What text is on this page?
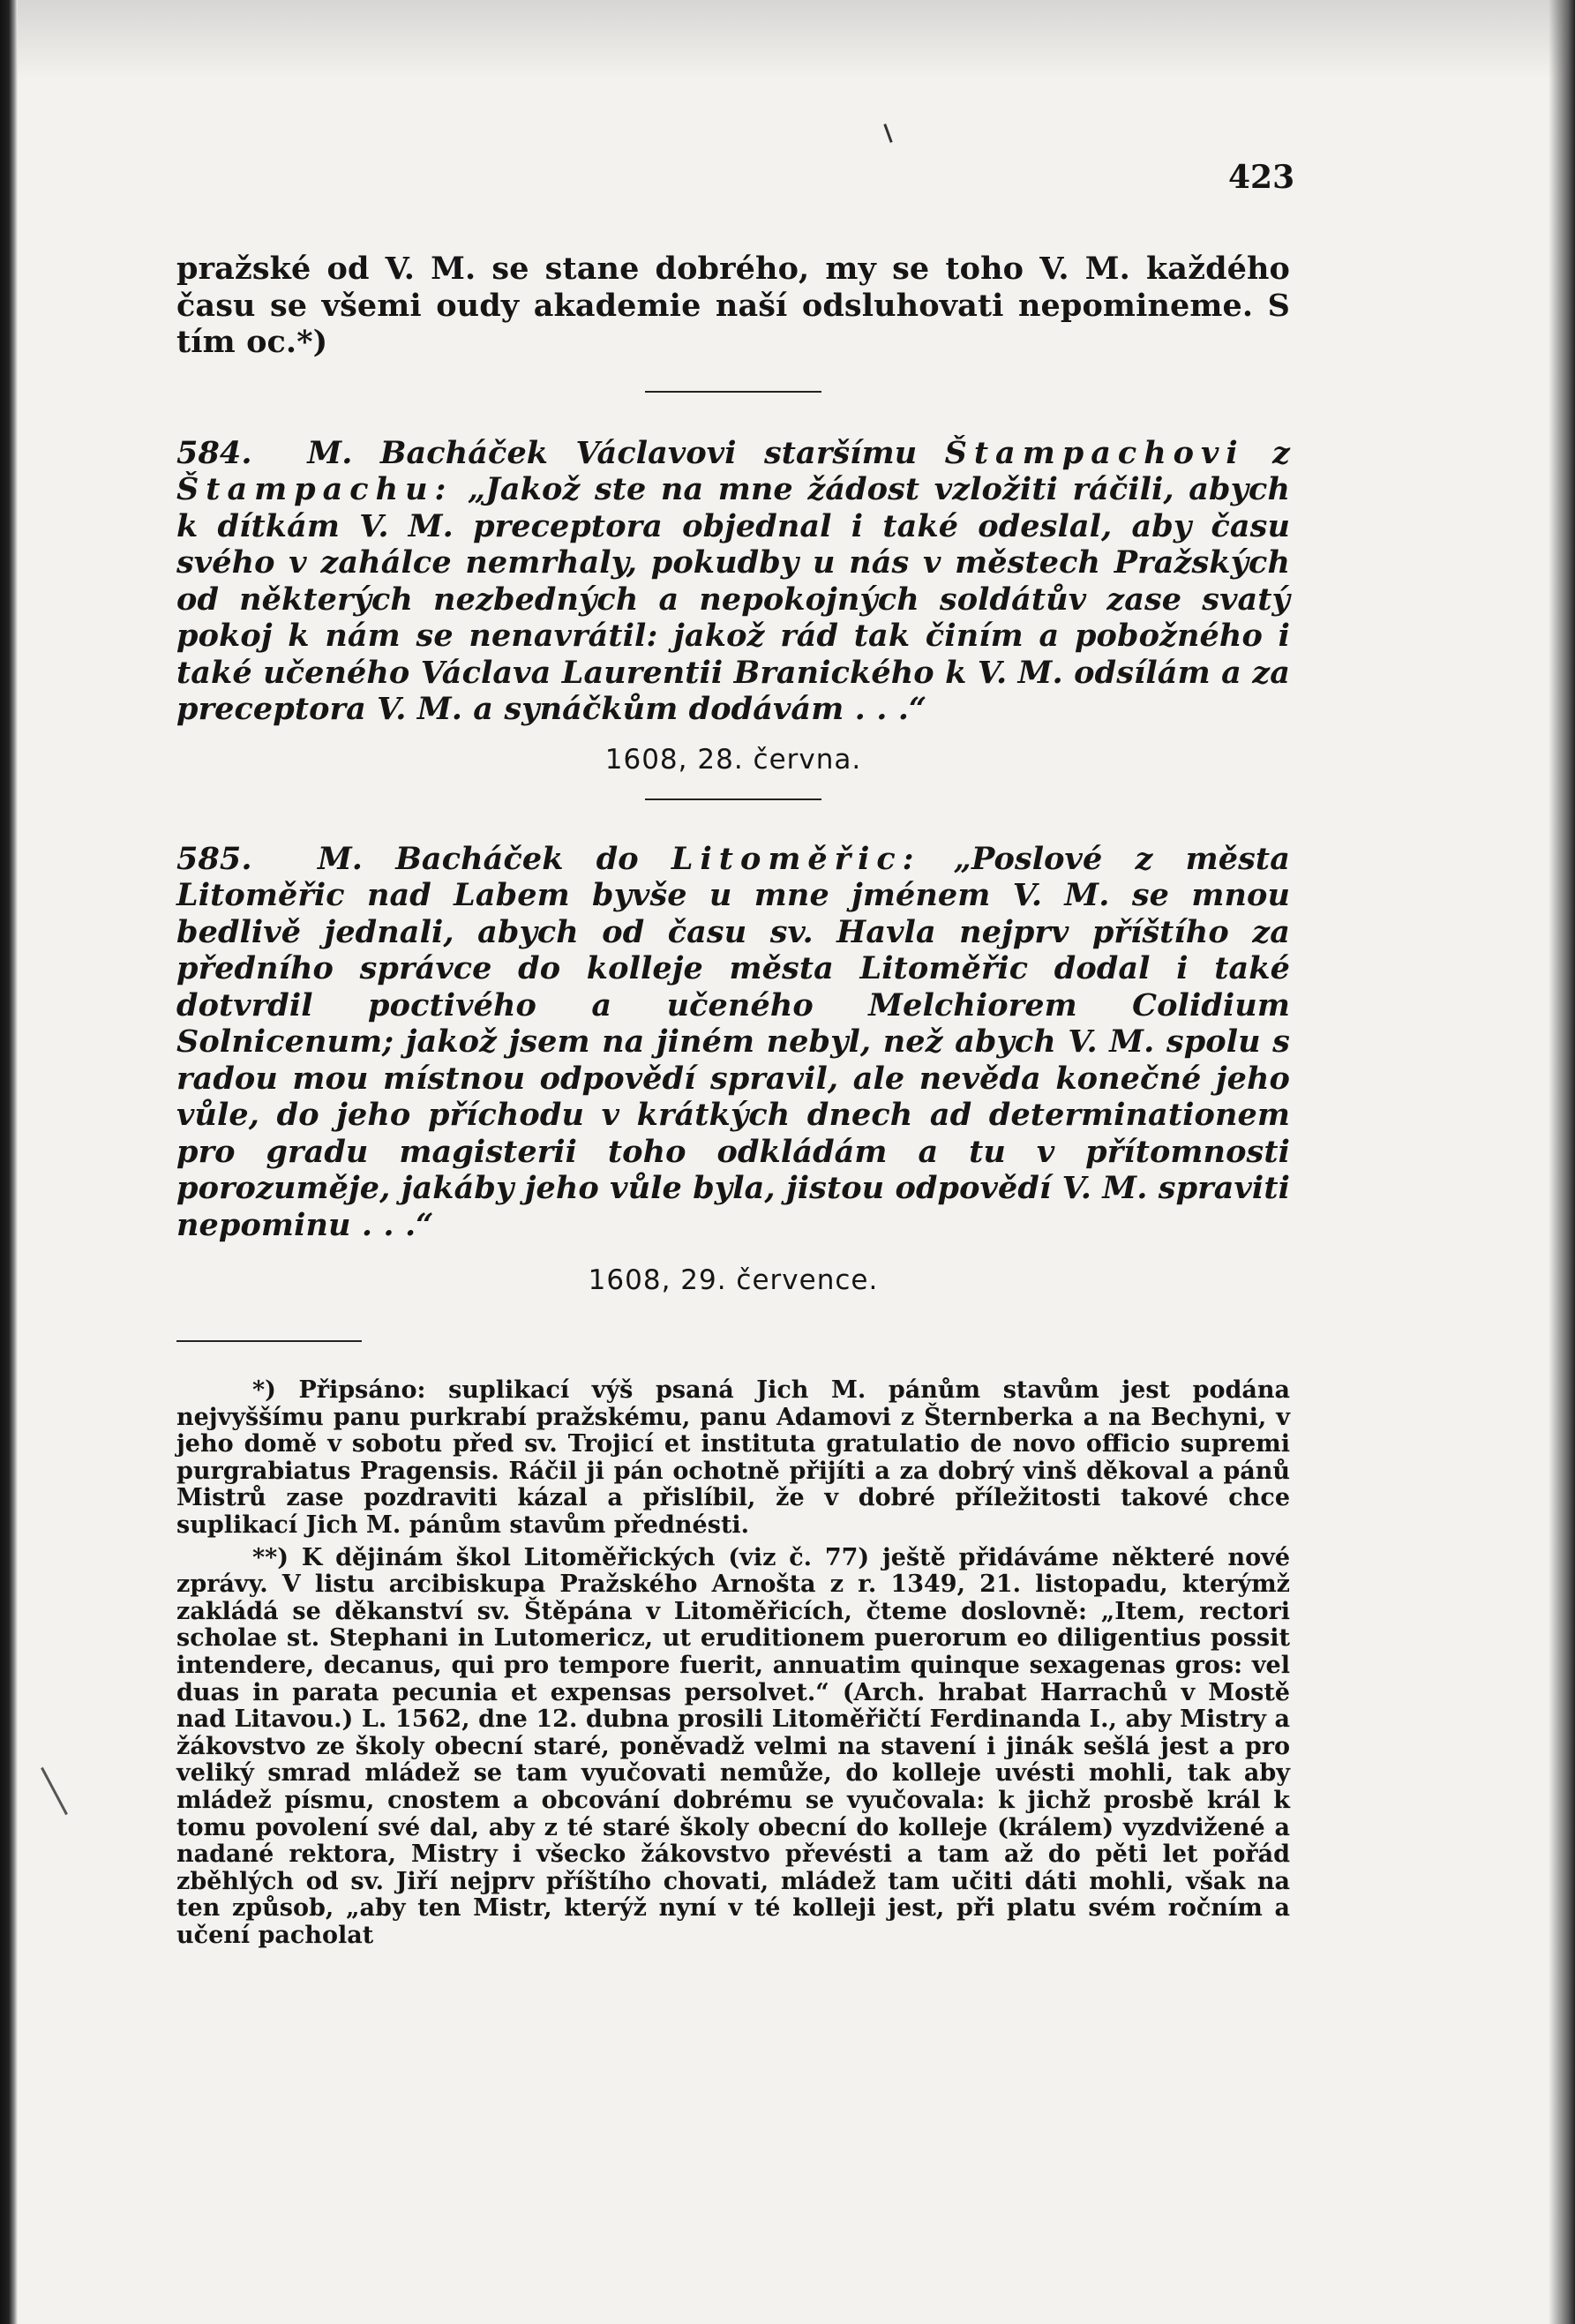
423

pražské od V. M. se stane dobrého, my se toho V. M. každého času se všemi oudy akademie naší odsluhovati nepomineme. S tím oc.*)

584. M. Bacháček Václavovi staršímu Štampachovi z Štampachu: „Jakož ste na mne žádost vzložiti ráčili, abych k dítkám V. M. preceptora objednal i také odeslal, aby času svého v zahálce nemrhaly, pokudby u nás v městech Pražských od některých nezbedných a nepokojných soldátův zase svatý pokoj k nám se nenavrátil: jakož rád tak činím a pobožného i také učeného Václava Laurentii Branického k V. M. odsílám a za preceptora V. M. a synáčkům dodávám . . .“

1608, 28. června.

585. M. Bacháček do Litoměřic: „Poslové z města Litoměřic nad Labem byvše u mne jménem V. M. se mnou bedlivě jednali, abych od času sv. Havla nejprv příštího za předního správce do kolleje města Litoměřic dodal i také dotvrdil poctivého a učeného Melchiorem Colidium Solnicenum; jakož jsem na jiném nebyl, než abych V. M. spolu s radou mou místnou odpovědí spravil, ale nevěda konečné jeho vůle, do jeho příchodu v krátkých dnech ad determinationem pro gradu magisterii toho odkládám a tu v přítomnosti porozuměje, jakáby jeho vůle byla, jistou odpovědí V. M. spraviti nepominu . . .“

1608, 29. července.

*) Připsáno: suplikací výš psaná Jich M. pánům stavům jest podána nejvyššímu panu purkrabí pražskému, panu Adamovi z Šternberka a na Bechyni, v jeho domě v sobotu před sv. Trojicí et instituta gratulatio de novo officio supremi purgrabiatus Pragensis. Ráčil ji pán ochotně přijíti a za dobrý vinš děkoval a pánů Mistrů zase pozdraviti kázal a přislíbil, že v dobré příležitosti takové chce suplikací Jich M. pánům stavům přednésti.

**) K dějinám škol Litoměřických (viz č. 77) ještě přidáváme některé nové zprávy. V listu arcibiskupa Pražského Arnošta z r. 1349, 21. listopadu, kterýmž zakládá se děkanství sv. Štěpána v Litoměřicích, čteme doslovně: „Item, rectori scholae st. Stephani in Lutomericz, ut eruditionem puerorum eo diligentius possit intendere, decanus, qui pro tempore fuerit, annuatim quinque sexagenas gros: vel duas in parata pecunia et expensas persolvet.“ (Arch. hrabat Harrachů v Mostě nad Litavou.) L. 1562, dne 12. dubna prosili Litoměřičtí Ferdinanda I., aby Mistry a žákovstvo ze školy obecní staré, poněvadž velmi na stavení i jinák sešlá jest a pro veliký smrad mládež se tam vyučovati nemůže, do kolleje uvésti mohli, tak aby mládež písmu, cnostem a obcování dobrému se vyučovala: k jichž prosbě král k tomu povolení své dal, aby z té staré školy obecní do kolleje (králem) vyzdvižené a nadané rektora, Mistry i všecko žákovstvo převésti a tam až do pěti let pořád zběhlých od sv. Jiří nejprv příštího chovati, mládež tam učiti dáti mohli, však na ten způsob, „aby ten Mistr, kterýž nyní v té kolleji jest, při platu svém ročním a učení pacholat
